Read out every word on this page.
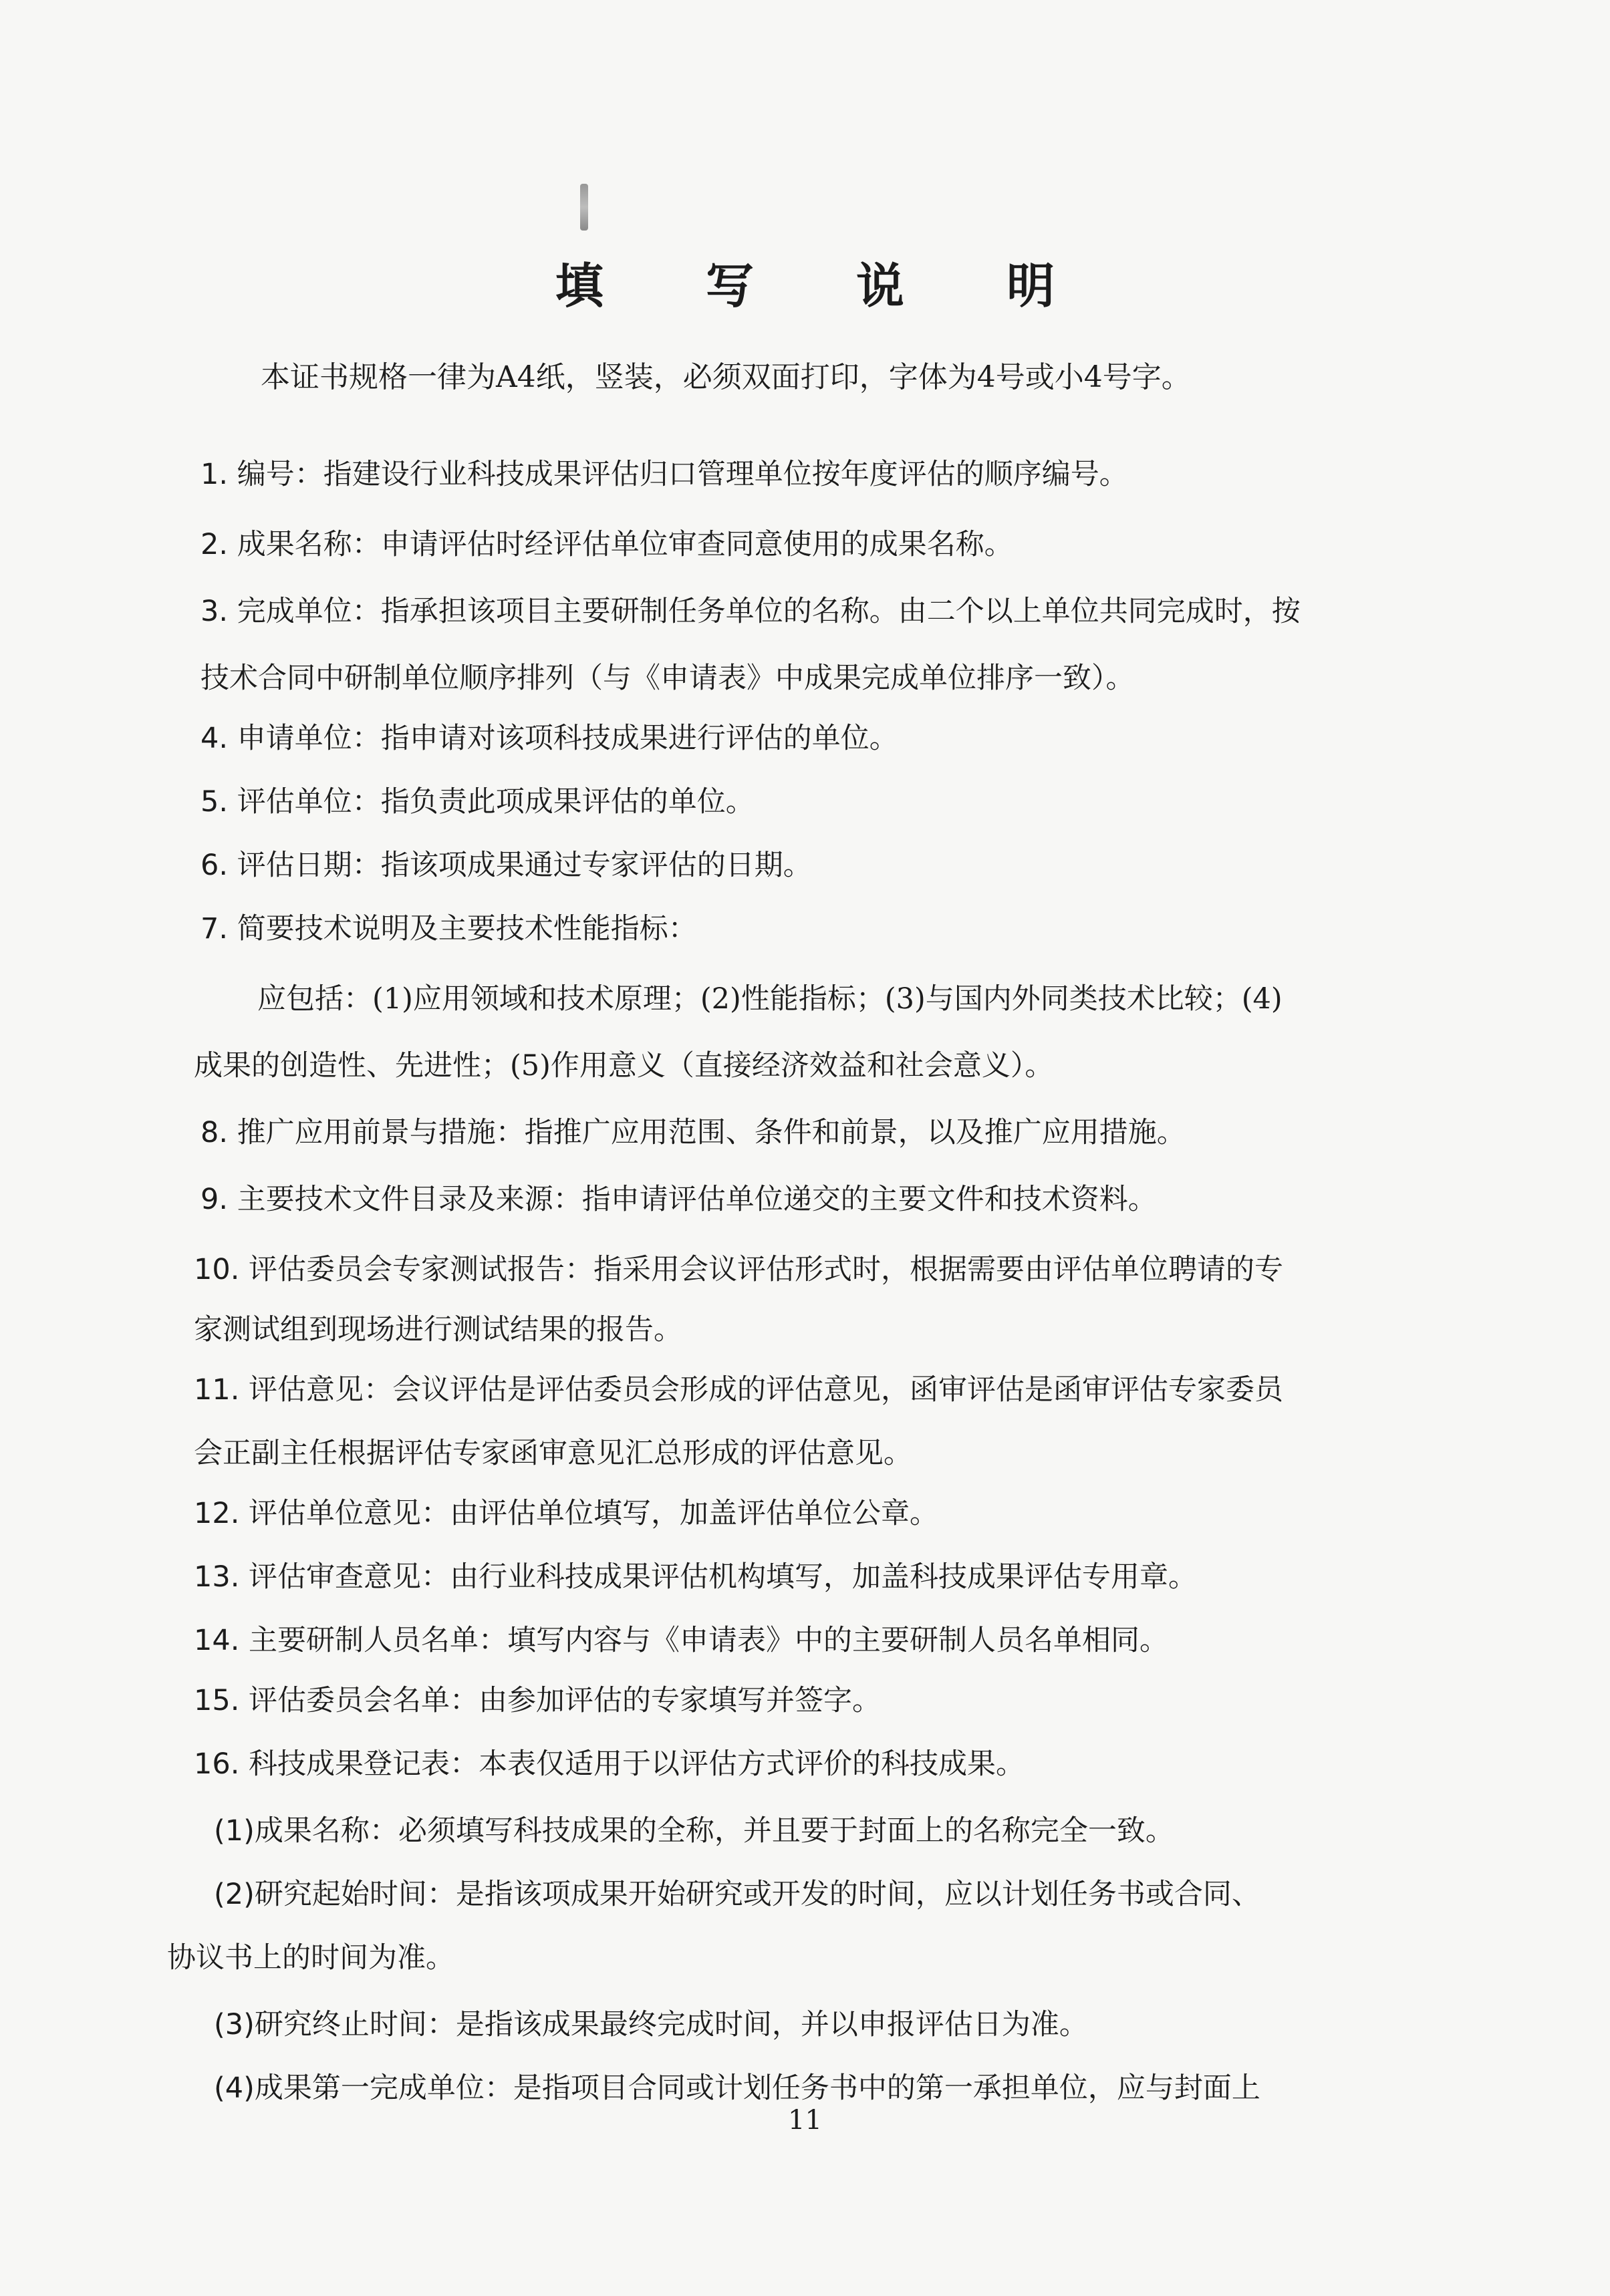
填 写 说 明
本证书规格一律为A4纸，竖装，必须双面打印，字体为4号或小4号字。
1. 编号：指建设行业科技成果评估归口管理单位按年度评估的顺序编号。
2. 成果名称：申请评估时经评估单位审查同意使用的成果名称。
3. 完成单位：指承担该项目主要研制任务单位的名称。由二个以上单位共同完成时，按
技术合同中研制单位顺序排列（与《申请表》中成果完成单位排序一致）。
4. 申请单位：指申请对该项科技成果进行评估的单位。
5. 评估单位：指负责此项成果评估的单位。
6. 评估日期：指该项成果通过专家评估的日期。
7. 简要技术说明及主要技术性能指标：
应包括：(1)应用领域和技术原理；(2)性能指标；(3)与国内外同类技术比较；(4)
成果的创造性、先进性；(5)作用意义（直接经济效益和社会意义）。
8. 推广应用前景与措施：指推广应用范围、条件和前景，以及推广应用措施。
9. 主要技术文件目录及来源：指申请评估单位递交的主要文件和技术资料。
10. 评估委员会专家测试报告：指采用会议评估形式时，根据需要由评估单位聘请的专
家测试组到现场进行测试结果的报告。
11. 评估意见：会议评估是评估委员会形成的评估意见，函审评估是函审评估专家委员
会正副主任根据评估专家函审意见汇总形成的评估意见。
12. 评估单位意见：由评估单位填写，加盖评估单位公章。
13. 评估审查意见：由行业科技成果评估机构填写，加盖科技成果评估专用章。
14. 主要研制人员名单：填写内容与《申请表》中的主要研制人员名单相同。
15. 评估委员会名单：由参加评估的专家填写并签字。
16. 科技成果登记表：本表仅适用于以评估方式评价的科技成果。
(1)成果名称：必须填写科技成果的全称，并且要于封面上的名称完全一致。
(2)研究起始时间：是指该项成果开始研究或开发的时间，应以计划任务书或合同、
协议书上的时间为准。
(3)研究终止时间：是指该成果最终完成时间，并以申报评估日为准。
(4)成果第一完成单位：是指项目合同或计划任务书中的第一承担单位，应与封面上
11
